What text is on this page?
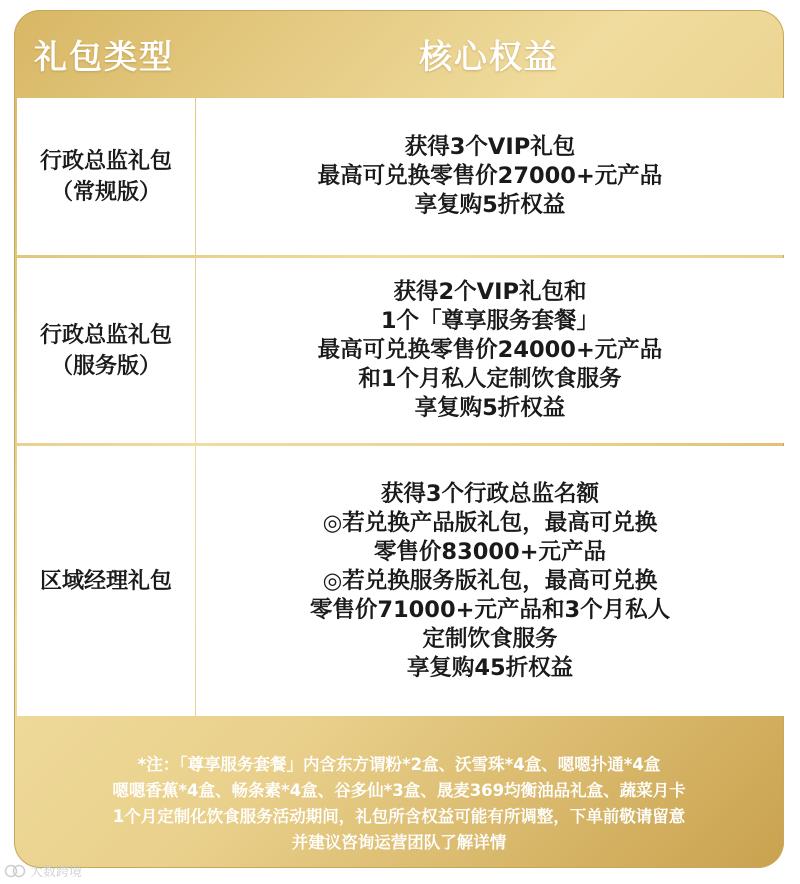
礼包类型	核心权益
行政总监礼包
（常规版）
获得3个VIP礼包
最高可兑换零售价27000+元产品
享复购5折权益
行政总监礼包
（服务版）
获得2个VIP礼包和
1个「尊享服务套餐」
最高可兑换零售价24000+元产品
和1个月私人定制饮食服务
享复购5折权益
区域经理礼包
获得3个行政总监名额
◎若兑换产品版礼包，最高可兑换
零售价83000+元产品
◎若兑换服务版礼包，最高可兑换
零售价71000+元产品和3个月私人
定制饮食服务
享复购45折权益
*注：「尊享服务套餐」内含东方谓粉*2盒、沃雪珠*4盒、嗯嗯扑通*4盒
嗯嗯香蕉*4盒、畅条素*4盒、谷多仙*3盒、晟麦369均衡油品礼盒、蔬菜月卡
1个月定制化饮食服务活动期间，礼包所含权益可能有所调整，下单前敬请留意
并建议咨询运营团队了解详情
大数跨境
